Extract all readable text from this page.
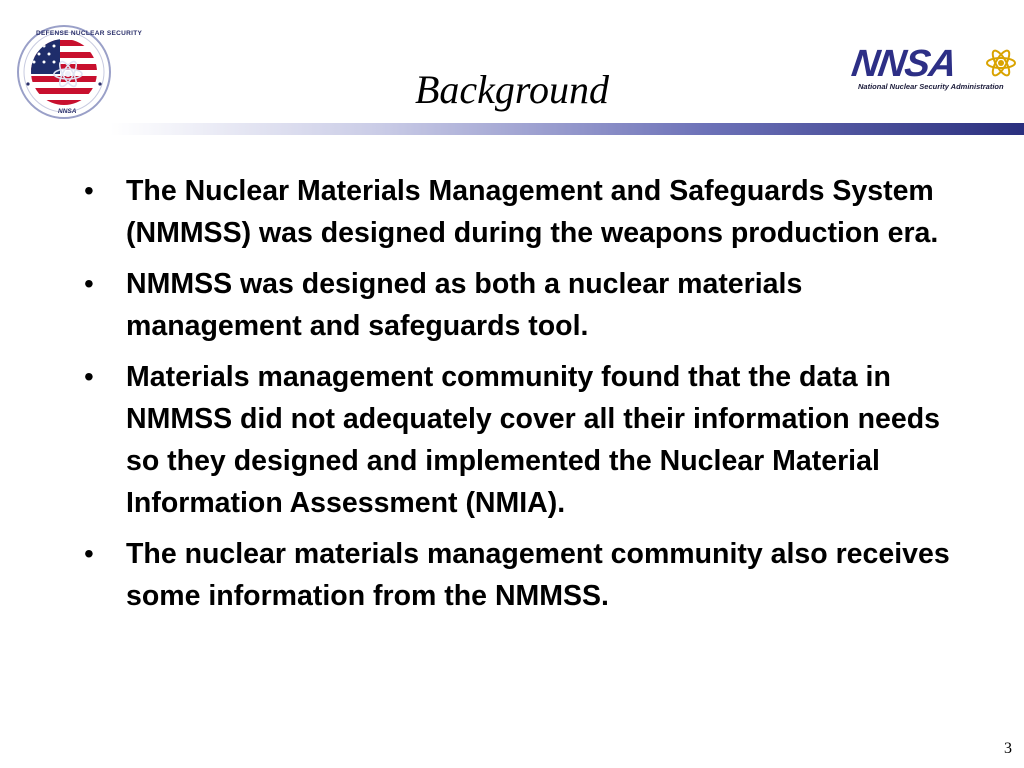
DEFENSE NUCLEAR SECURITY
NNSA	Background
NNSA
National Nuclear Security Administration
• The Nuclear Materials Management and Safeguards System (NMMSS) was designed during the weapons production era.
• NMMSS was designed as both a nuclear materials management and safeguards tool.
• Materials management community found that the data in NMMSS did not adequately cover all their information needs so they designed and implemented the Nuclear Material Information Assessment (NMIA).
• The nuclear materials management community also receives some information from the NMMSS.
3
